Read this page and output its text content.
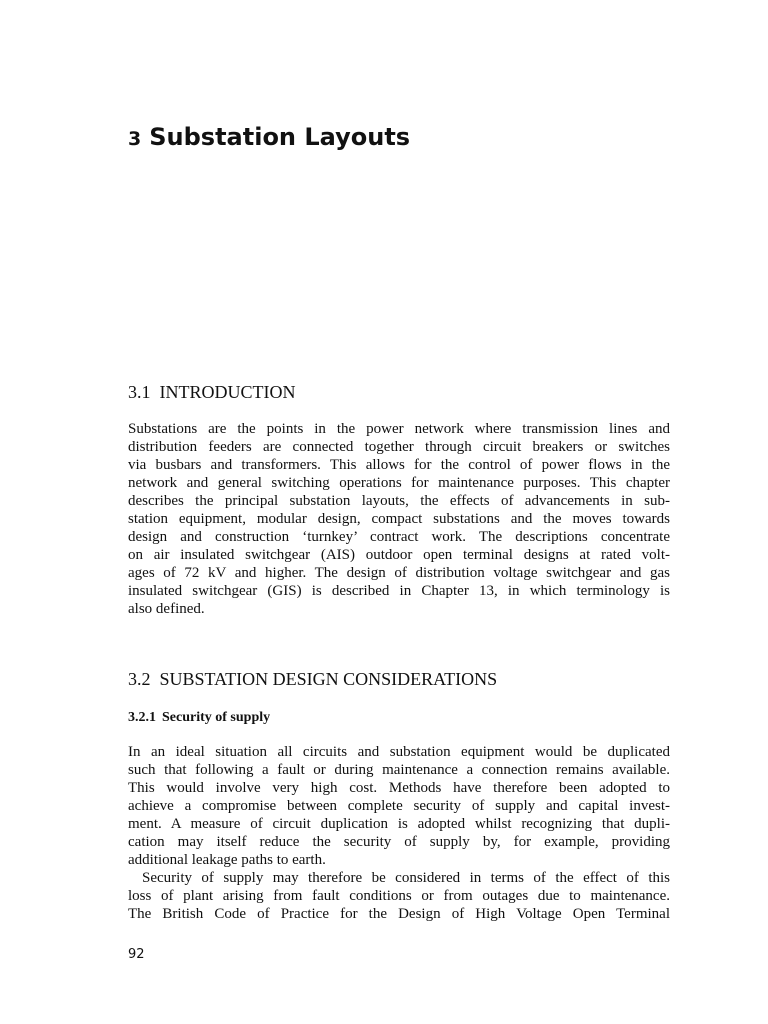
3 Substation Layouts
3.1 INTRODUCTION
Substations are the points in the power network where transmission lines and
distribution feeders are connected together through circuit breakers or switches
via busbars and transformers. This allows for the control of power flows in the
network and general switching operations for maintenance purposes. This chapter
describes the principal substation layouts, the effects of advancements in sub-
station equipment, modular design, compact substations and the moves towards
design and construction ‘turnkey’ contract work. The descriptions concentrate
on air insulated switchgear (AIS) outdoor open terminal designs at rated volt-
ages of 72 kV and higher. The design of distribution voltage switchgear and gas
insulated switchgear (GIS) is described in Chapter 13, in which terminology is
also defined.
3.2 SUBSTATION DESIGN CONSIDERATIONS
3.2.1 Security of supply
In an ideal situation all circuits and substation equipment would be duplicated
such that following a fault or during maintenance a connection remains available.
This would involve very high cost. Methods have therefore been adopted to
achieve a compromise between complete security of supply and capital invest-
ment. A measure of circuit duplication is adopted whilst recognizing that dupli-
cation may itself reduce the security of supply by, for example, providing
additional leakage paths to earth.
Security of supply may therefore be considered in terms of the effect of this
loss of plant arising from fault conditions or from outages due to maintenance.
The British Code of Practice for the Design of High Voltage Open Terminal
92
